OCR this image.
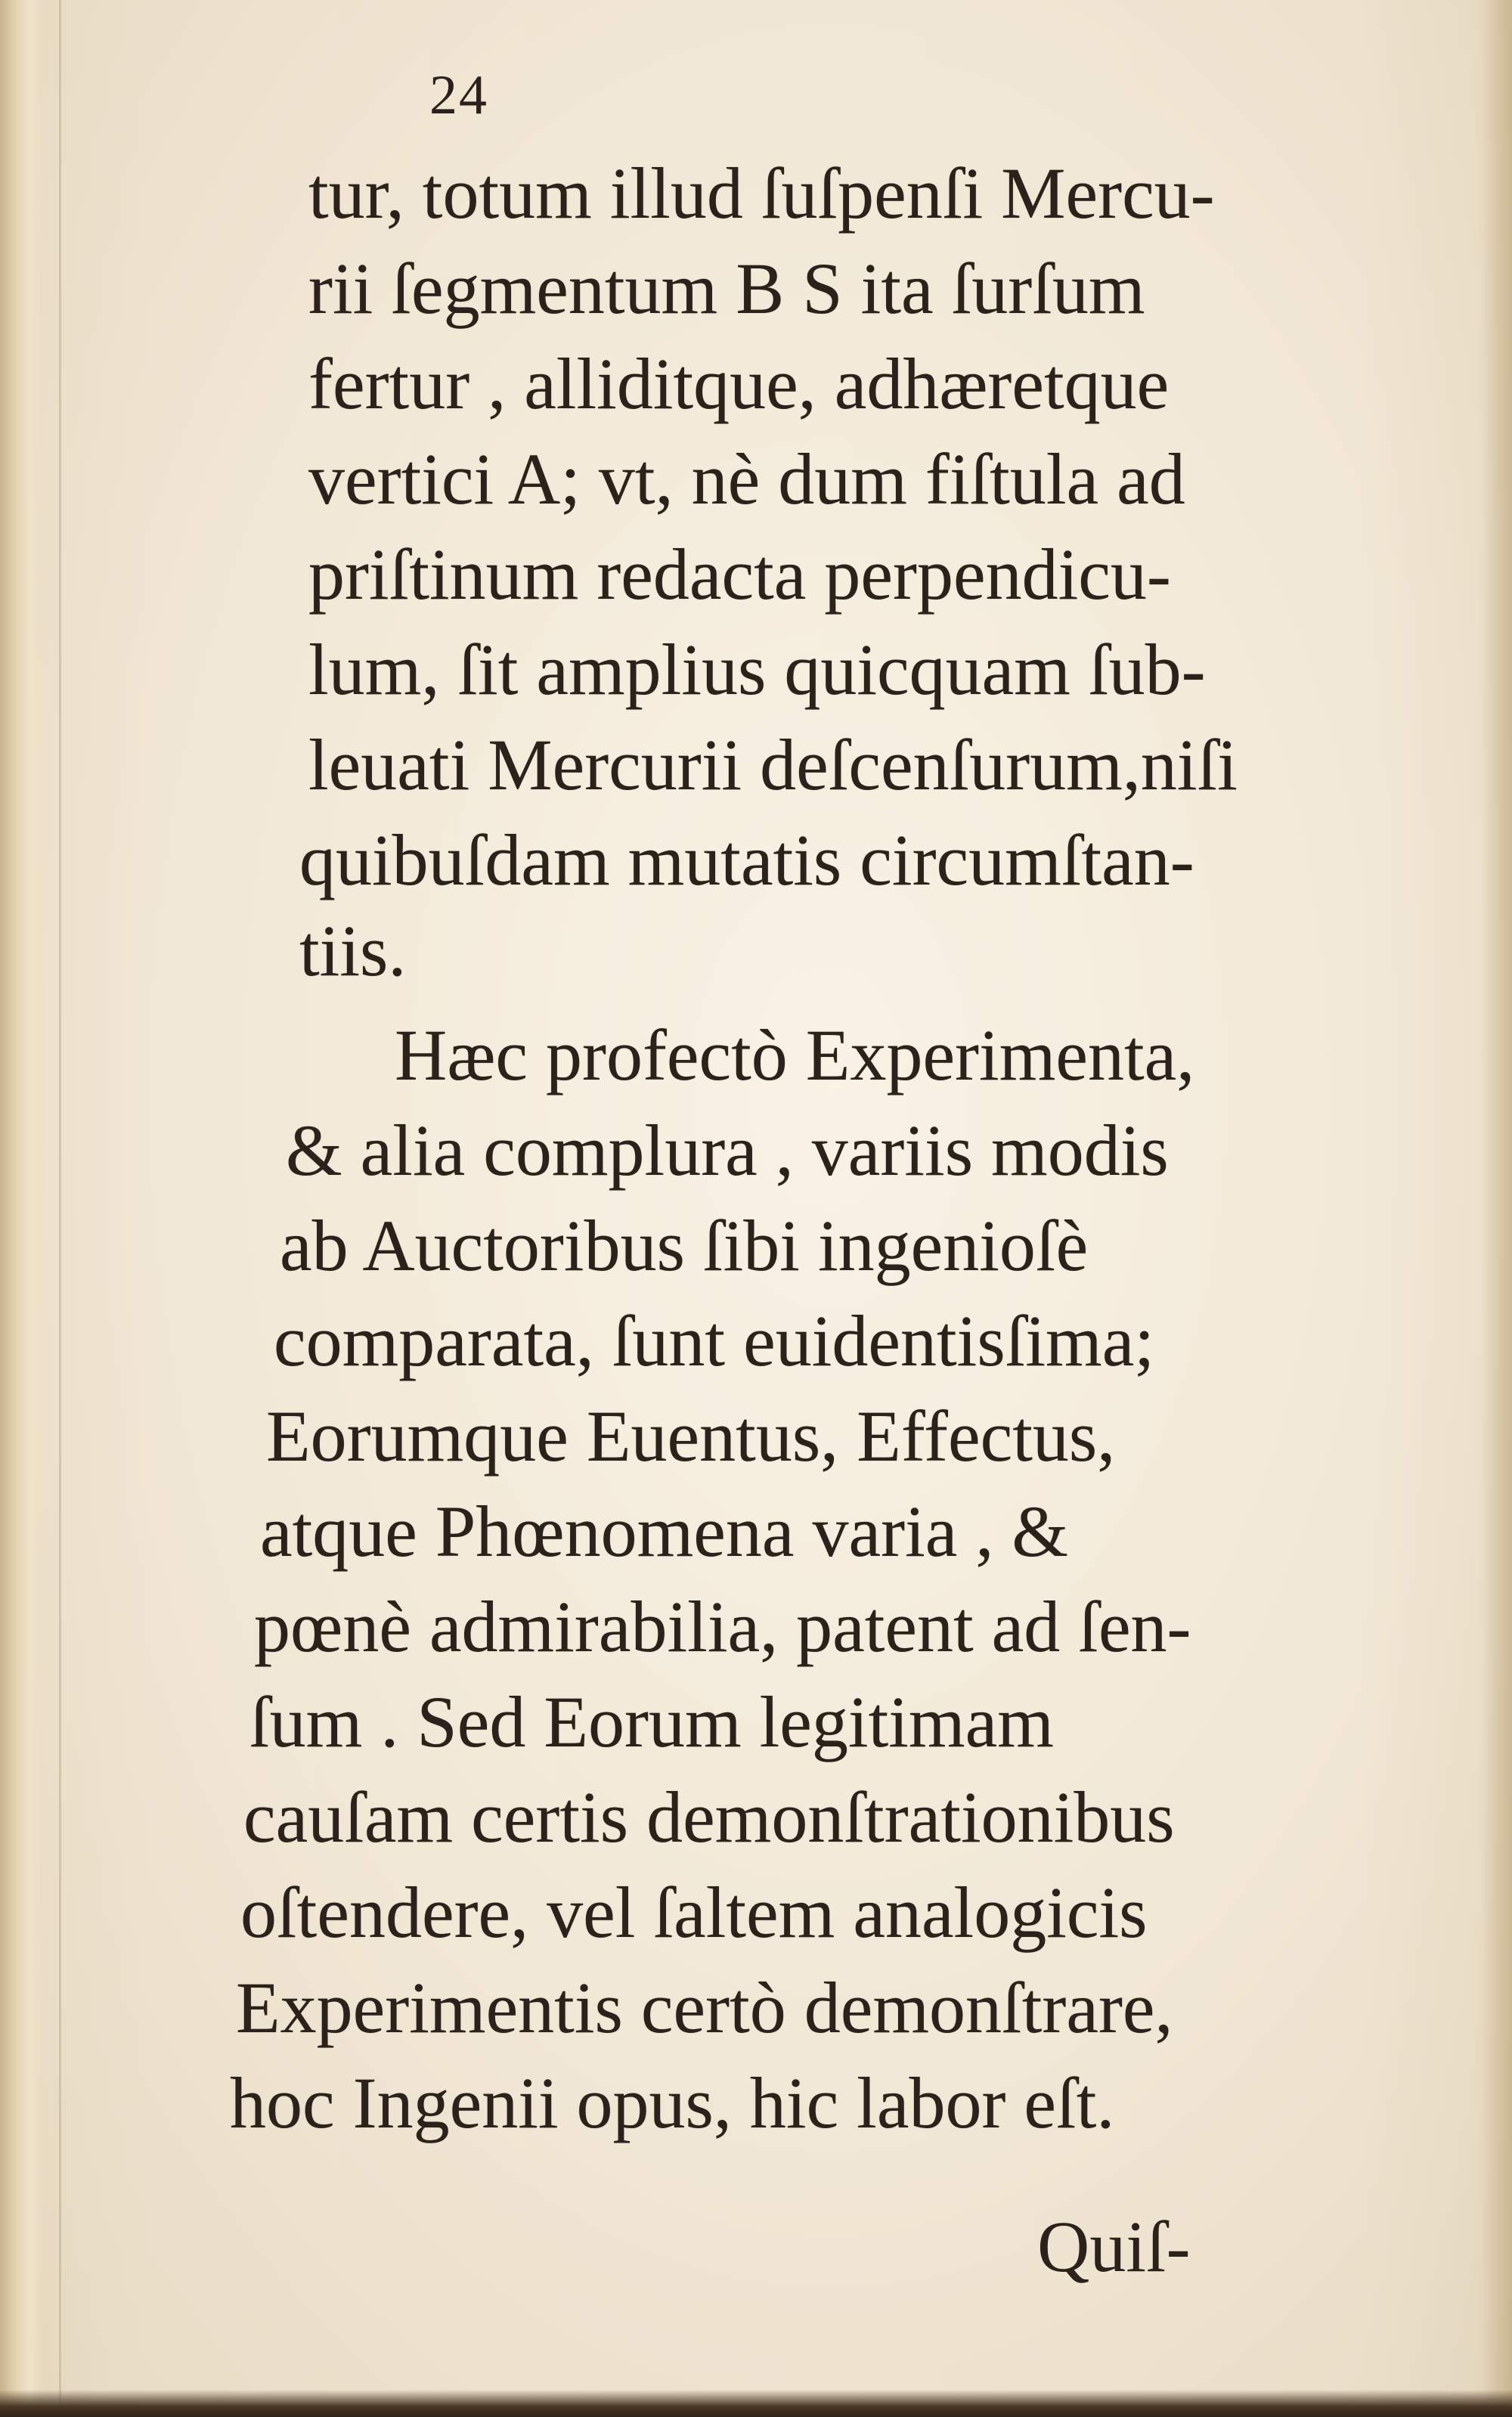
24
tur, totum illud ſuſpenſi Mercu-
rii ſegmentum B S ita ſurſum
fertur , alliditque, adhæretque
vertici A; vt, nè dum fiſtula ad
priſtinum redacta perpendicu-
lum, ſit amplius quicquam ſub-
leuati Mercurii deſcenſurum,niſi
quibuſdam mutatis circumſtan-
tiis.
Hæc profectò Experimenta,
& alia complura , variis modis
ab Auctoribus ſibi ingenioſè
comparata, ſunt euidentisſima;
Eorumque Euentus, Effectus,
atque Phœnomena varia , &
pœnè admirabilia, patent ad ſen-
ſum . Sed Eorum legitimam
cauſam certis demonſtrationibus
oſtendere, vel ſaltem analogicis
Experimentis certò demonſtrare,
hoc Ingenii opus, hic labor eſt.
Quiſ-
